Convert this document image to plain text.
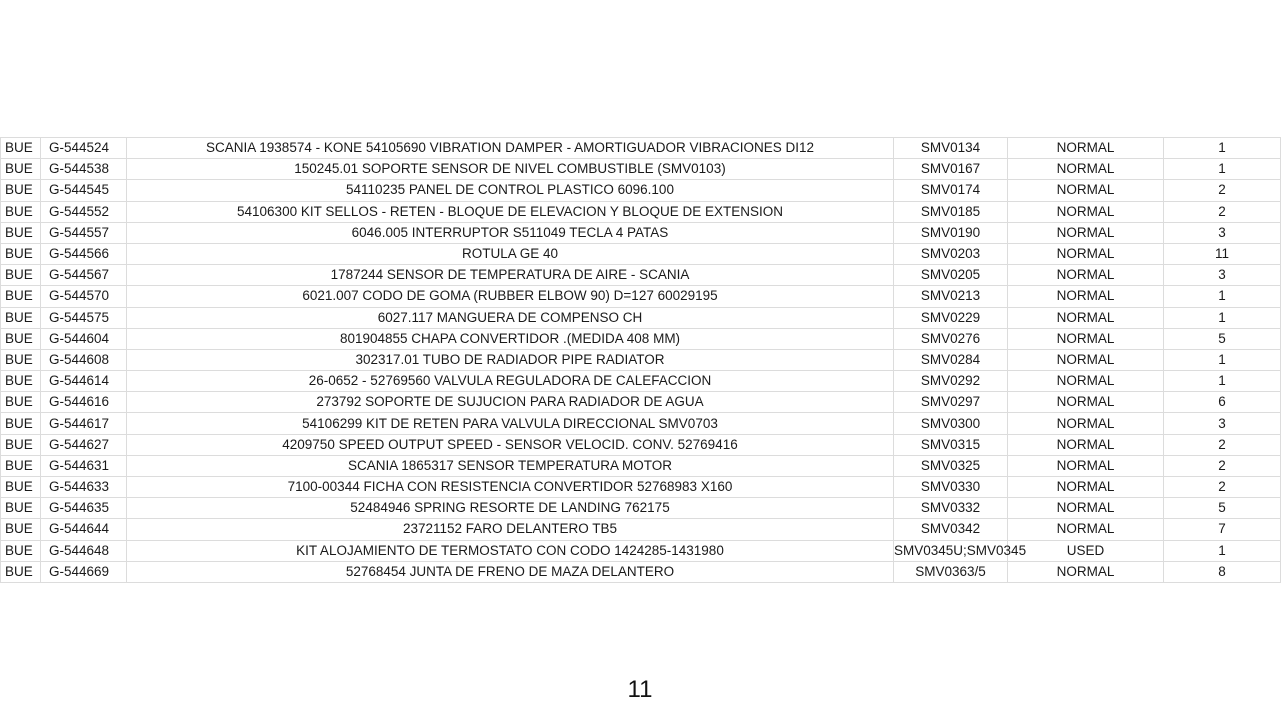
BUE	G-544524	SCANIA 1938574 - KONE 54105690 VIBRATION DAMPER - AMORTIGUADOR VIBRACIONES DI12	SMV0134	NORMAL	1
BUE	G-544538	150245.01 SOPORTE SENSOR DE NIVEL COMBUSTIBLE (SMV0103)	SMV0167	NORMAL	1
BUE	G-544545	54110235 PANEL DE CONTROL PLASTICO 6096.100	SMV0174	NORMAL	2
BUE	G-544552	54106300 KIT SELLOS - RETEN - BLOQUE DE ELEVACION Y BLOQUE DE EXTENSION	SMV0185	NORMAL	2
BUE	G-544557	6046.005 INTERRUPTOR S511049 TECLA 4 PATAS	SMV0190	NORMAL	3
BUE	G-544566	ROTULA GE 40	SMV0203	NORMAL	11
BUE	G-544567	1787244 SENSOR DE TEMPERATURA DE AIRE - SCANIA	SMV0205	NORMAL	3
BUE	G-544570	6021.007 CODO DE GOMA (RUBBER ELBOW 90) D=127 60029195	SMV0213	NORMAL	1
BUE	G-544575	6027.117 MANGUERA DE COMPENSO CH	SMV0229	NORMAL	1
BUE	G-544604	801904855 CHAPA CONVERTIDOR .(MEDIDA 408 MM)	SMV0276	NORMAL	5
BUE	G-544608	302317.01 TUBO DE RADIADOR PIPE RADIATOR	SMV0284	NORMAL	1
BUE	G-544614	26-0652 - 52769560 VALVULA REGULADORA DE CALEFACCION	SMV0292	NORMAL	1
BUE	G-544616	273792 SOPORTE DE SUJUCION PARA RADIADOR DE AGUA	SMV0297	NORMAL	6
BUE	G-544617	54106299 KIT DE RETEN PARA VALVULA DIRECCIONAL SMV0703	SMV0300	NORMAL	3
BUE	G-544627	4209750 SPEED OUTPUT SPEED - SENSOR VELOCID. CONV. 52769416	SMV0315	NORMAL	2
BUE	G-544631	SCANIA 1865317 SENSOR TEMPERATURA MOTOR	SMV0325	NORMAL	2
BUE	G-544633	7100-00344 FICHA CON RESISTENCIA CONVERTIDOR 52768983 X160	SMV0330	NORMAL	2
BUE	G-544635	52484946 SPRING RESORTE DE LANDING 762175	SMV0332	NORMAL	5
BUE	G-544644	23721152 FARO DELANTERO TB5	SMV0342	NORMAL	7
BUE	G-544648	KIT ALOJAMIENTO DE TERMOSTATO CON CODO 1424285-1431980	SMV0345U;SMV0345	USED	1
BUE	G-544669	52768454 JUNTA DE FRENO DE MAZA DELANTERO	SMV0363/5	NORMAL	8
11
